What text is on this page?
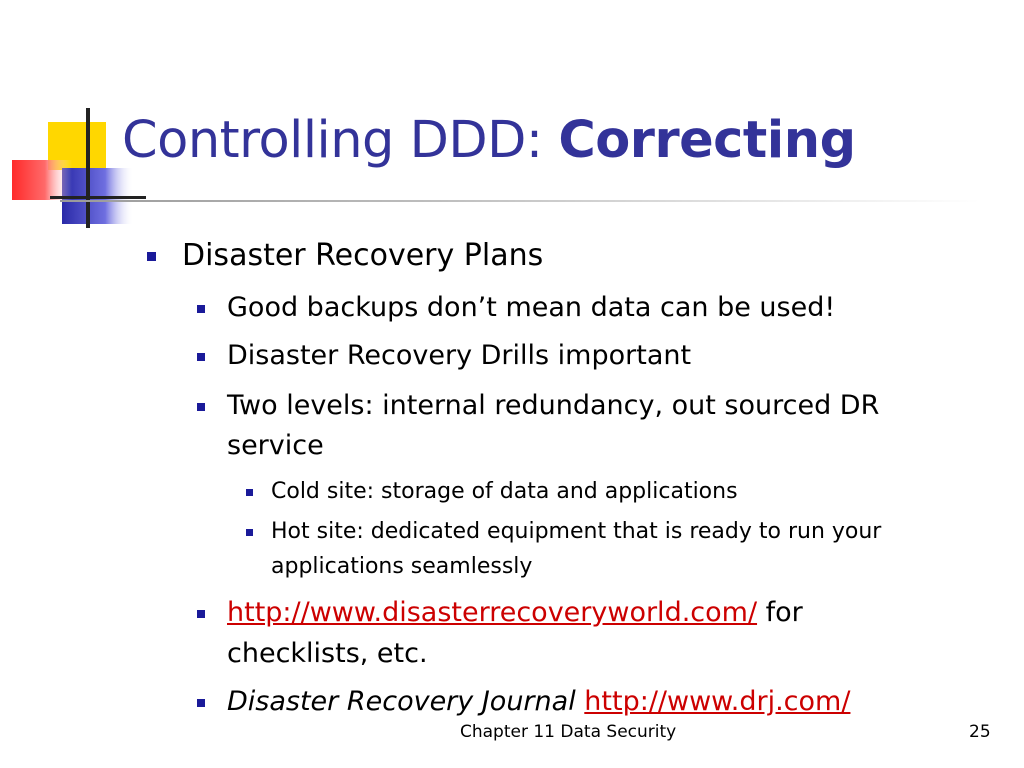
Controlling DDD: Correcting

Disaster Recovery Plans

Good backups don’t mean data can be used!

Disaster Recovery Drills important

Two levels: internal redundancy, out sourced DR

service

Cold site: storage of data and applications

Hot site: dedicated equipment that is ready to run your

applications seamlessly

http://www.disasterrecoveryworld.com/ for

checklists, etc.

Disaster Recovery Journal http://www.drj.com/

Chapter 11 Data Security	25
